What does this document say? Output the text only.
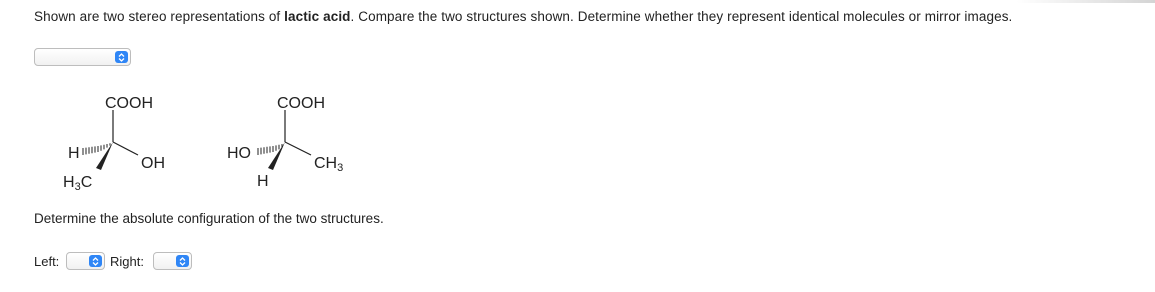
Shown are two stereo representations of lactic acid. Compare the two structures shown. Determine whether they represent identical molecules or mirror images.
COOH
H
OH
H3C
COOH
HO
CH3
H
Determine the absolute configuration of the two structures.
Left:	Right:
